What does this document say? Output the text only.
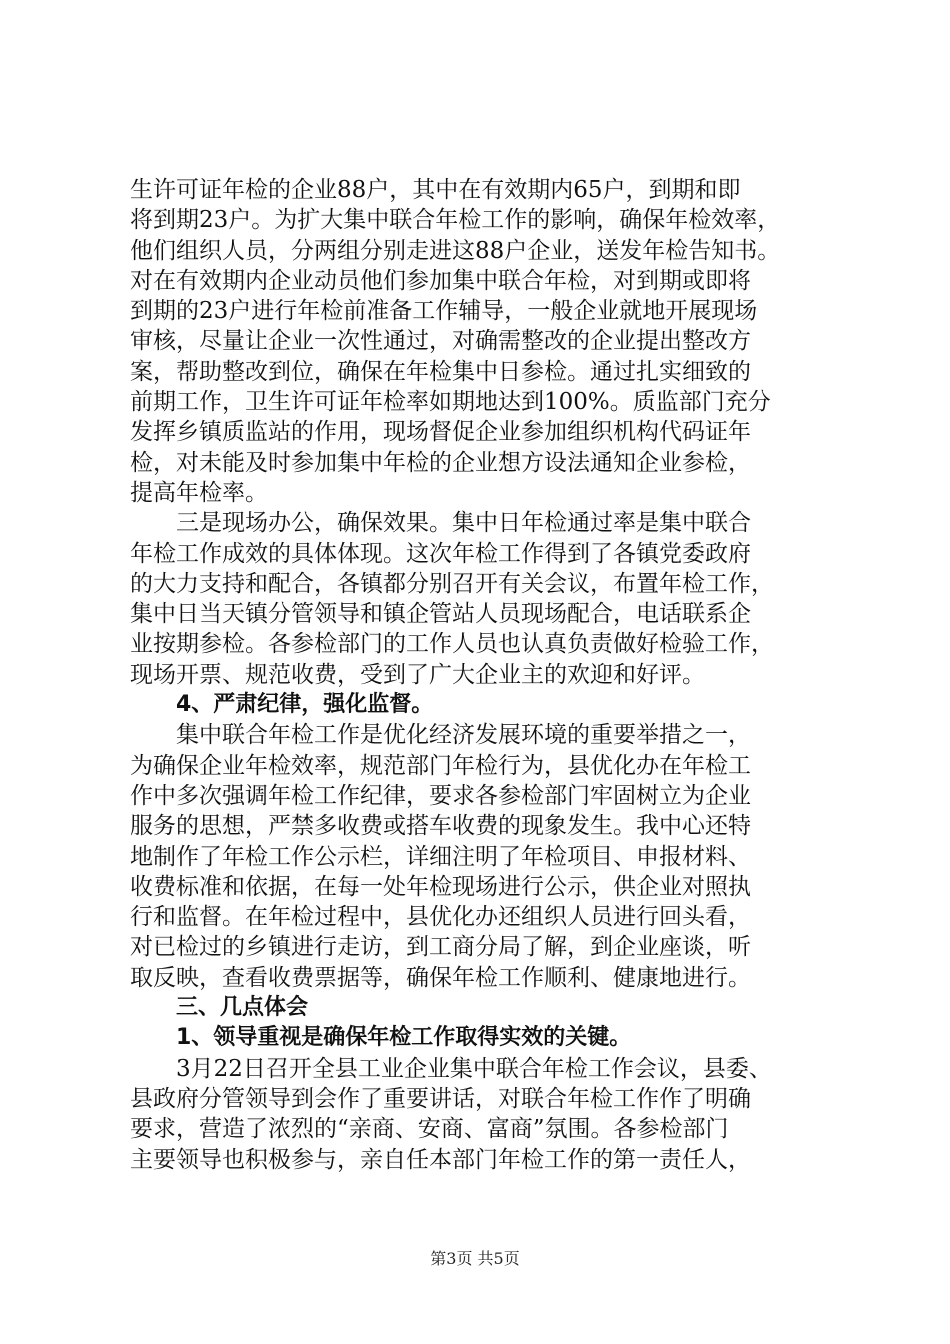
生许可证年检的企业88户，其中在有效期内65户，到期和即
将到期23户。为扩大集中联合年检工作的影响，确保年检效率，
他们组织人员，分两组分别走进这88户企业，送发年检告知书。
对在有效期内企业动员他们参加集中联合年检，对到期或即将
到期的23户进行年检前准备工作辅导，一般企业就地开展现场
审核，尽量让企业一次性通过，对确需整改的企业提出整改方
案，帮助整改到位，确保在年检集中日参检。通过扎实细致的
前期工作，卫生许可证年检率如期地达到100%。质监部门充分
发挥乡镇质监站的作用，现场督促企业参加组织机构代码证年
检，对未能及时参加集中年检的企业想方设法通知企业参检，
提高年检率。
三是现场办公，确保效果。集中日年检通过率是集中联合
年检工作成效的具体体现。这次年检工作得到了各镇党委政府
的大力支持和配合，各镇都分别召开有关会议，布置年检工作，
集中日当天镇分管领导和镇企管站人员现场配合，电话联系企
业按期参检。各参检部门的工作人员也认真负责做好检验工作，
现场开票、规范收费，受到了广大企业主的欢迎和好评。
4、严肃纪律，强化监督。
集中联合年检工作是优化经济发展环境的重要举措之一，
为确保企业年检效率，规范部门年检行为，县优化办在年检工
作中多次强调年检工作纪律，要求各参检部门牢固树立为企业
服务的思想，严禁多收费或搭车收费的现象发生。我中心还特
地制作了年检工作公示栏，详细注明了年检项目、申报材料、
收费标准和依据，在每一处年检现场进行公示，供企业对照执
行和监督。在年检过程中，县优化办还组织人员进行回头看，
对已检过的乡镇进行走访，到工商分局了解，到企业座谈，听
取反映，查看收费票据等，确保年检工作顺利、健康地进行。
三、几点体会
1、领导重视是确保年检工作取得实效的关键。
3月22日召开全县工业企业集中联合年检工作会议，县委、
县政府分管领导到会作了重要讲话，对联合年检工作作了明确
要求，营造了浓烈的“亲商、安商、富商”氛围。各参检部门
主要领导也积极参与，亲自任本部门年检工作的第一责任人，
第3页 共5页
